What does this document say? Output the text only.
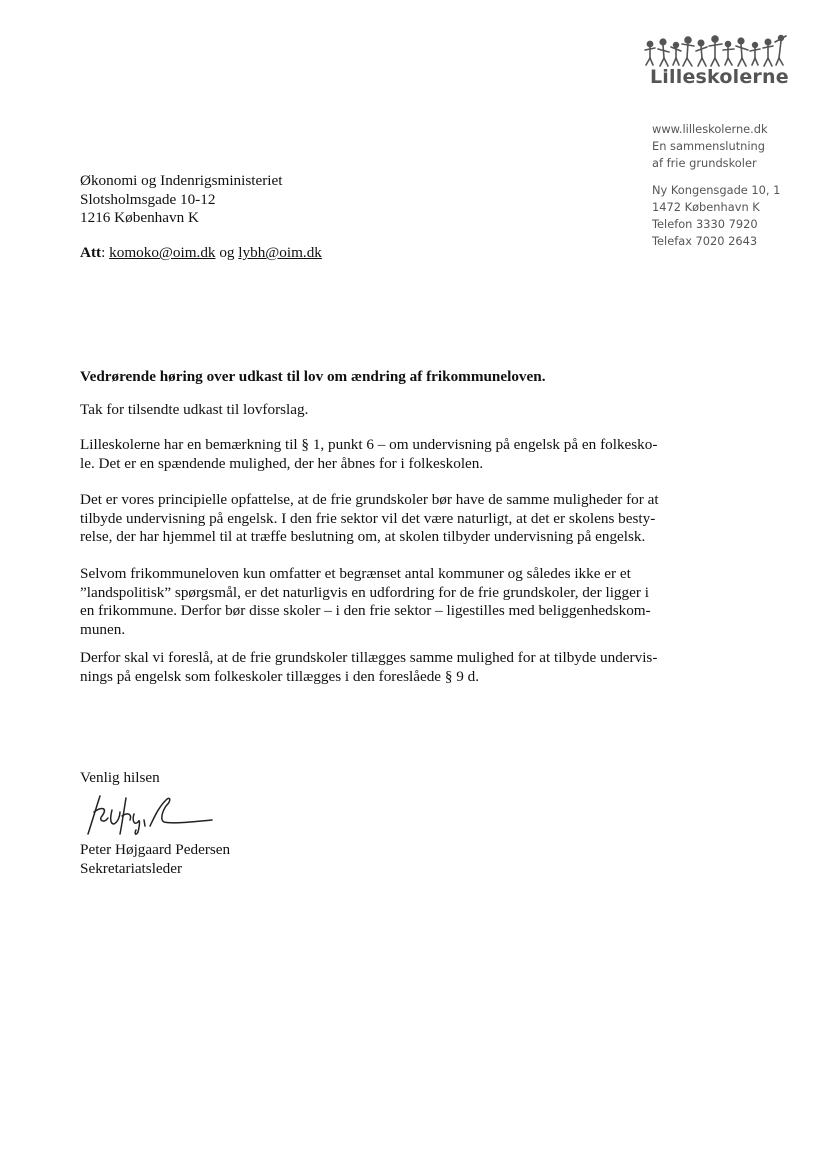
Lilleskolerne
www.lilleskolerne.dk
En sammenslutning
af frie grundskoler
Ny Kongensgade 10, 1
1472 København K
Telefon 3330 7920
Telefax 7020 2643
Økonomi og Indenrigsministeriet
Slotsholmsgade 10-12
1216 København K
Att: komoko@oim.dk og lybh@oim.dk
Vedrørende høring over udkast til lov om ændring af frikommuneloven.
Tak for tilsendte udkast til lovforslag.
Lilleskolerne har en bemærkning til § 1, punkt 6 – om undervisning på engelsk på en folkesko-
le. Det er en spændende mulighed, der her åbnes for i folkeskolen.
Det er vores principielle opfattelse, at de frie grundskoler bør have de samme muligheder for at
tilbyde undervisning på engelsk. I den frie sektor vil det være naturligt, at det er skolens besty-
relse, der har hjemmel til at træffe beslutning om, at skolen tilbyder undervisning på engelsk.
Selvom frikommuneloven kun omfatter et begrænset antal kommuner og således ikke er et
”landspolitisk” spørgsmål, er det naturligvis en udfordring for de frie grundskoler, der ligger i
en frikommune. Derfor bør disse skoler – i den frie sektor – ligestilles med beliggenhedskom-
munen.
Derfor skal vi foreslå, at de frie grundskoler tillægges samme mulighed for at tilbyde undervis-
nings på engelsk som folkeskoler tillægges i den foreslåede § 9 d.
Venlig hilsen
Peter Højgaard Pedersen
Sekretariatsleder
